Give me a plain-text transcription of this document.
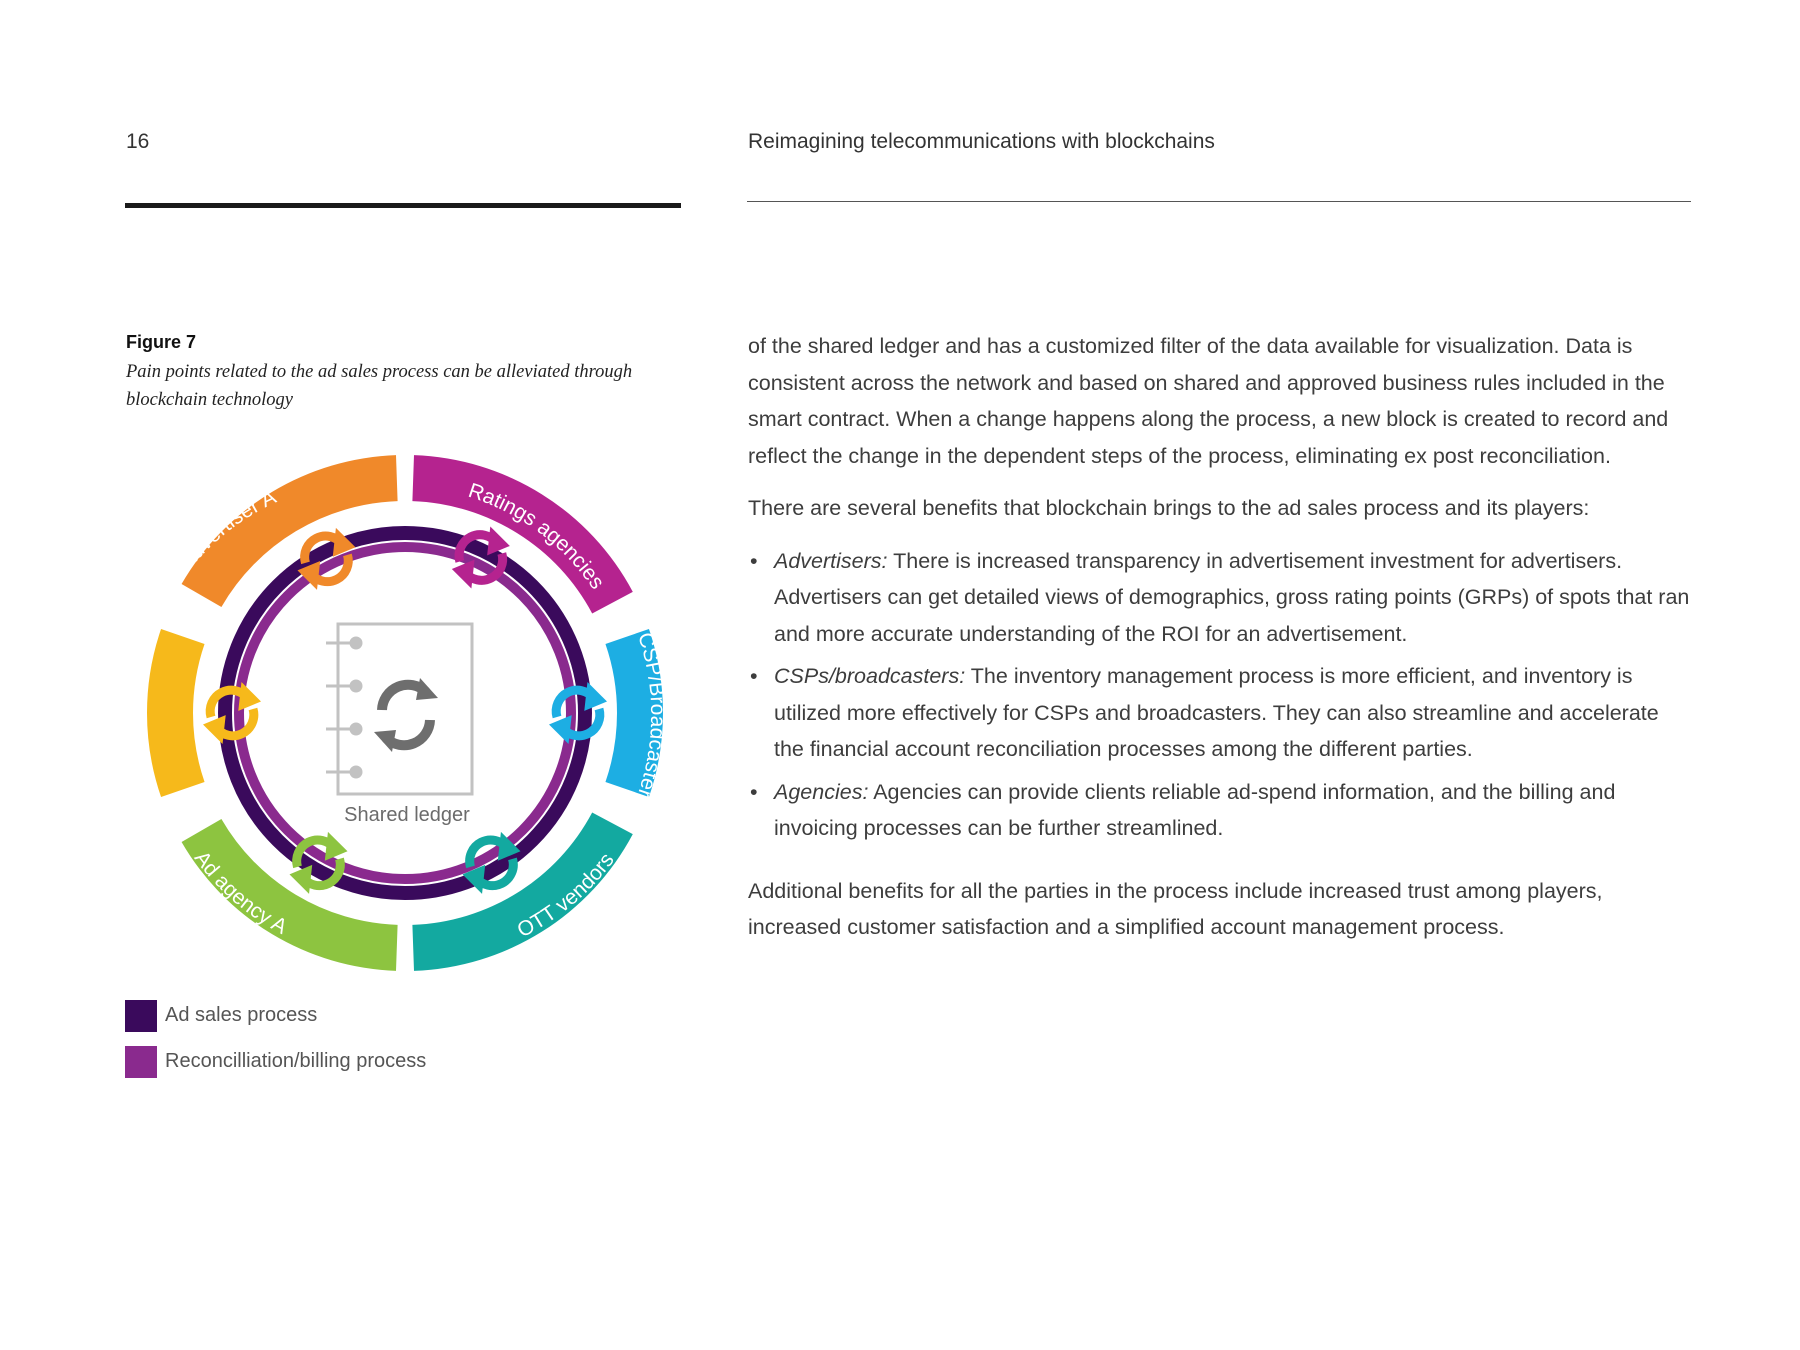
16	Reimagining telecommunications with blockchains
Figure 7
Pain points related to the ad sales process can be alleviated through blockchain technology
Advertiser A	Ratings agencies
CSP/Broadcaster
OTT vendors
Ad agency A
Advertiser B
Shared ledger
Ad sales process
Reconcilliation/billing process

of the shared ledger and has a customized filter of the data available for visualization. Data is consistent across the network and based on shared and approved business rules included in the smart contract. When a change happens along the process, a new block is created to record and reflect the change in the dependent steps of the process, eliminating ex post reconciliation.

There are several benefits that blockchain brings to the ad sales process and its players:

• Advertisers: There is increased transparency in advertisement investment for advertisers. Advertisers can get detailed views of demographics, gross rating points (GRPs) of spots that ran and more accurate understanding of the ROI for an advertisement.
• CSPs/broadcasters: The inventory management process is more efficient, and inventory is utilized more effectively for CSPs and broadcasters. They can also streamline and accelerate the financial account reconciliation processes among the different parties.
• Agencies: Agencies can provide clients reliable ad-spend information, and the billing and invoicing processes can be further streamlined.

Additional benefits for all the parties in the process include increased trust among players, increased customer satisfaction and a simplified account management process.
